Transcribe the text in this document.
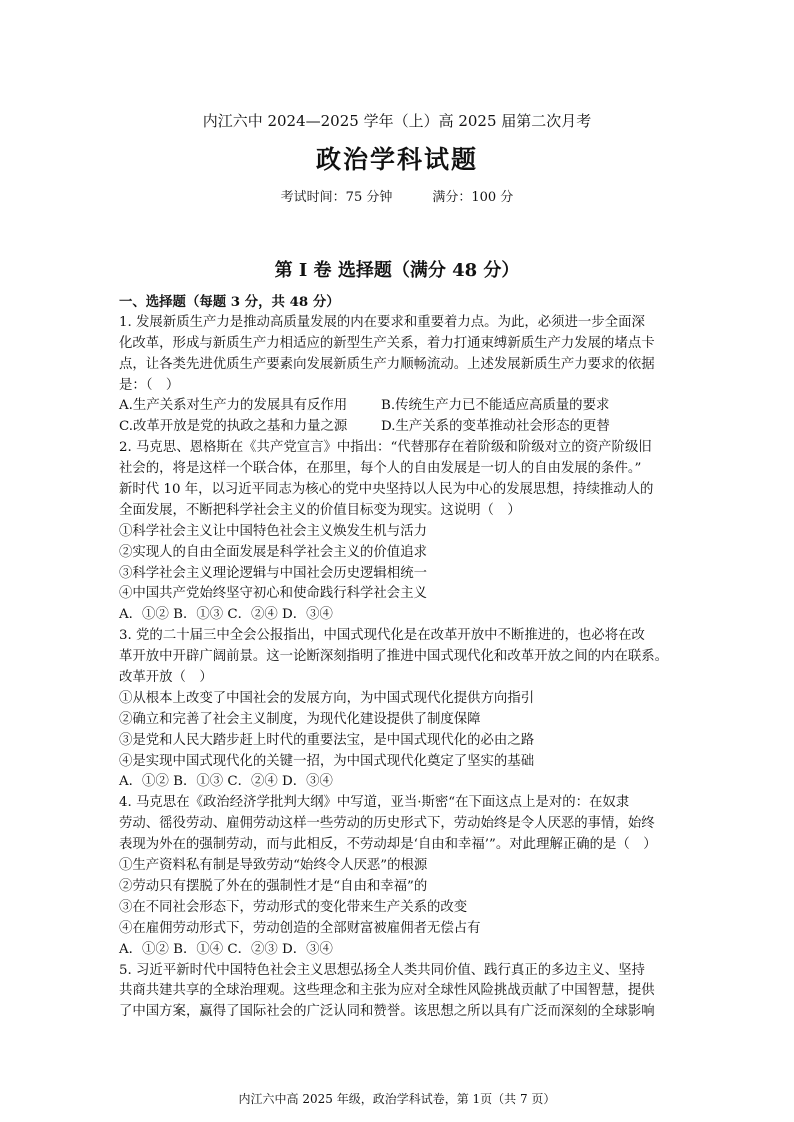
内江六中 2024—2025 学年（上）高 2025 届第二次月考
政治学科试题
考试时间：75 分钟	满分：100 分
第 I 卷 选择题（满分 48 分）
一、选择题（每题 3 分，共 48 分）
1. 发展新质生产力是推动高质量发展的内在要求和重要着力点。为此，必须进一步全面深
化改革，形成与新质生产力相适应的新型生产关系，着力打通束缚新质生产力发展的堵点卡
点，让各类先进优质生产要素向发展新质生产力顺畅流动。上述发展新质生产力要求的依据
是：（　）
A.生产关系对生产力的发展具有反作用	B.传统生产力已不能适应高质量的要求
C.改革开放是党的执政之基和力量之源	D.生产关系的变革推动社会形态的更替
2. 马克思、恩格斯在《共产党宣言》中指出：“代替那存在着阶级和阶级对立的资产阶级旧
社会的，将是这样一个联合体，在那里，每个人的自由发展是一切人的自由发展的条件。”
新时代 10 年，以习近平同志为核心的党中央坚持以人民为中心的发展思想，持续推动人的
全面发展，不断把科学社会主义的价值目标变为现实。这说明（　）
①科学社会主义让中国特色社会主义焕发生机与活力
②实现人的自由全面发展是科学社会主义的价值追求
③科学社会主义理论逻辑与中国社会历史逻辑相统一
④中国共产党始终坚守初心和使命践行科学社会主义
A．①② B．①③ C．②④ D．③④
3. 党的二十届三中全会公报指出，中国式现代化是在改革开放中不断推进的，也必将在改
革开放中开辟广阔前景。这一论断深刻指明了推进中国式现代化和改革开放之间的内在联系。
改革开放（　）
①从根本上改变了中国社会的发展方向，为中国式现代化提供方向指引
②确立和完善了社会主义制度，为现代化建设提供了制度保障
③是党和人民大踏步赶上时代的重要法宝，是中国式现代化的必由之路
④是实现中国式现代化的关键一招，为中国式现代化奠定了坚实的基础
A．①② B．①③ C．②④ D．③④
4. 马克思在《政治经济学批判大纲》中写道，亚当·斯密“在下面这点上是对的：在奴隶
劳动、徭役劳动、雇佣劳动这样一些劳动的历史形式下，劳动始终是令人厌恶的事情，始终
表现为外在的强制劳动，而与此相反，不劳动却是‘自由和幸福’”。对此理解正确的是（　）
①生产资料私有制是导致劳动“始终令人厌恶”的根源
②劳动只有摆脱了外在的强制性才是“自由和幸福”的
③在不同社会形态下，劳动形式的变化带来生产关系的改变
④在雇佣劳动形式下，劳动创造的全部财富被雇佣者无偿占有
A．①② B．①④ C．②③ D．③④
5. 习近平新时代中国特色社会主义思想弘扬全人类共同价值、践行真正的多边主义、坚持
共商共建共享的全球治理观。这些理念和主张为应对全球性风险挑战贡献了中国智慧，提供
了中国方案，赢得了国际社会的广泛认同和赞誉。该思想之所以具有广泛而深刻的全球影响
内江六中高 2025 年级，政治学科试卷，第 1页（共 7 页）
